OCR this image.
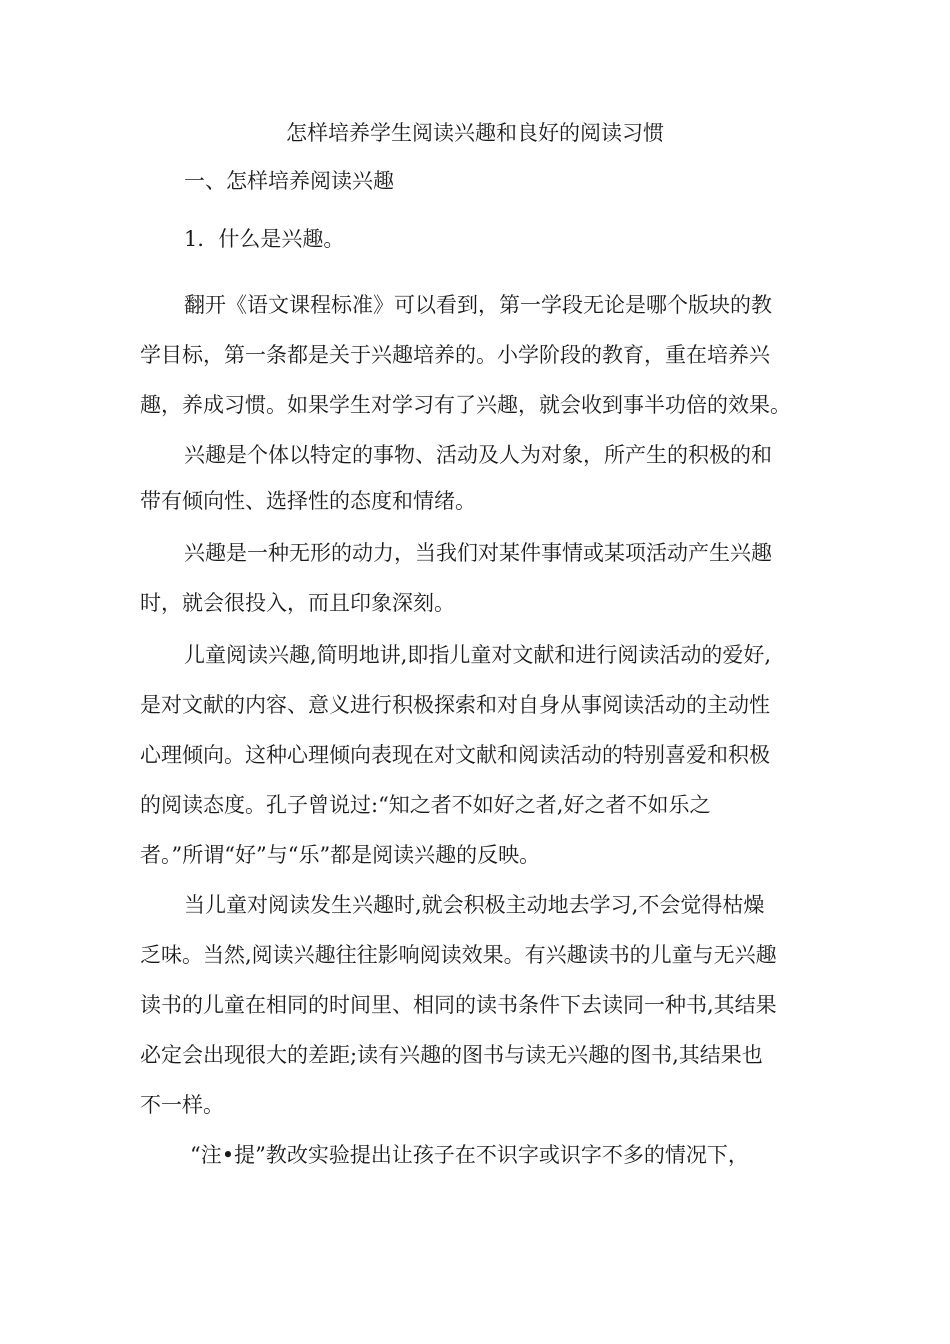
怎样培养学生阅读兴趣和良好的阅读习惯
一、怎样培养阅读兴趣
1．什么是兴趣。
翻开《语文课程标准》可以看到，第一学段无论是哪个版块的教
学目标，第一条都是关于兴趣培养的。小学阶段的教育，重在培养兴
趣，养成习惯。如果学生对学习有了兴趣，就会收到事半功倍的效果。
兴趣是个体以特定的事物、活动及人为对象，所产生的积极的和
带有倾向性、选择性的态度和情绪。
兴趣是一种无形的动力，当我们对某件事情或某项活动产生兴趣
时，就会很投入，而且印象深刻。
儿童阅读兴趣,简明地讲,即指儿童对文献和进行阅读活动的爱好,
是对文献的内容、意义进行积极探索和对自身从事阅读活动的主动性
心理倾向。这种心理倾向表现在对文献和阅读活动的特别喜爱和积极
的阅读态度。孔子曾说过:“知之者不如好之者,好之者不如乐之
者。”所谓“好”与“乐”都是阅读兴趣的反映。
当儿童对阅读发生兴趣时,就会积极主动地去学习,不会觉得枯燥
乏味。当然,阅读兴趣往往影响阅读效果。有兴趣读书的儿童与无兴趣
读书的儿童在相同的时间里、相同的读书条件下去读同一种书,其结果
必定会出现很大的差距;读有兴趣的图书与读无兴趣的图书,其结果也
不一样。
“注•提”教改实验提出让孩子在不识字或识字不多的情况下，
